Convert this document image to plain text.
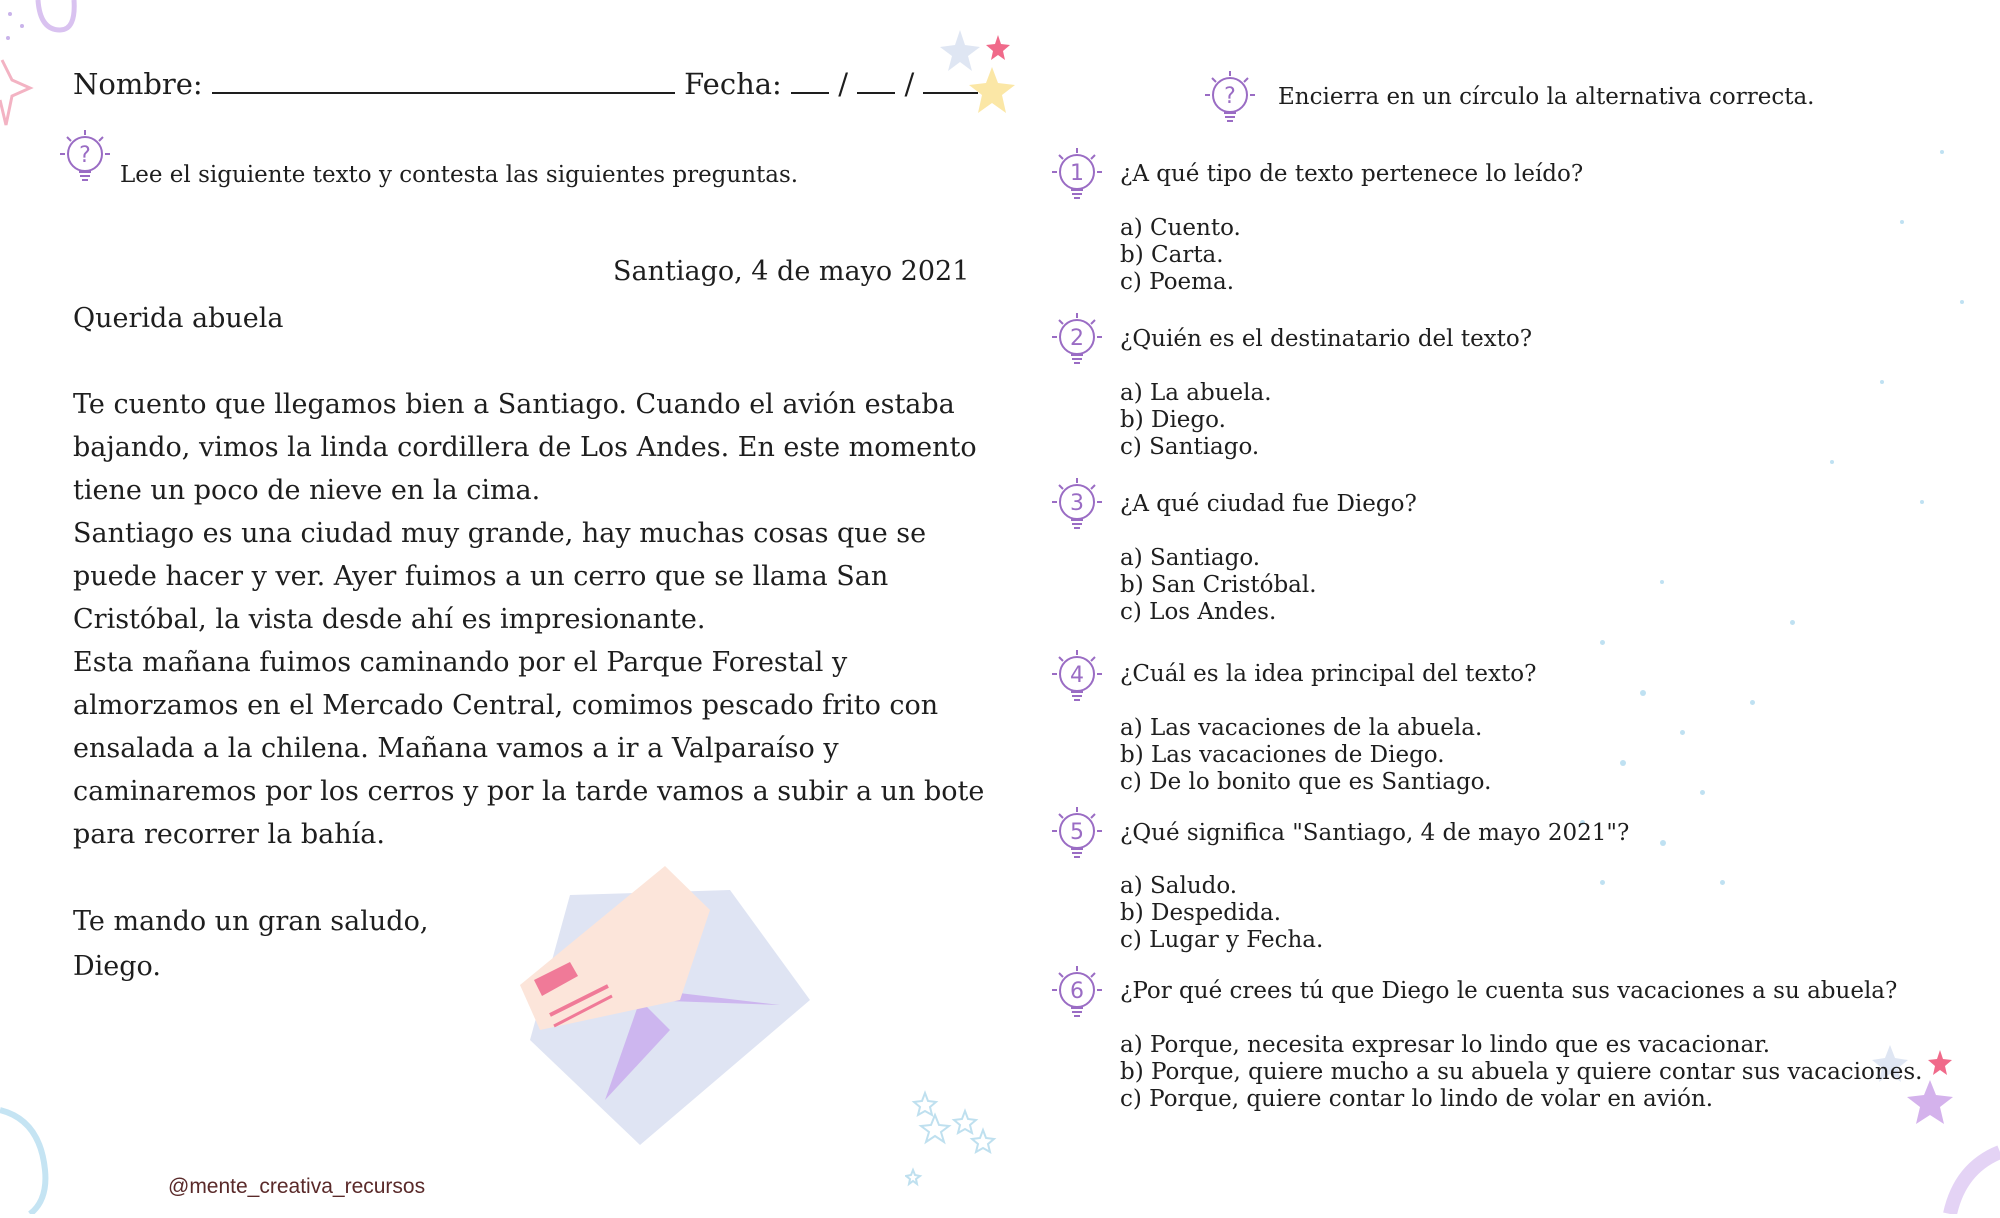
Nombre:	Fecha: / /
?
Lee el siguiente texto y contesta las siguientes preguntas.
Santiago, 4 de mayo 2021
Querida abuela

Te cuento que llegamos bien a Santiago. Cuando el avión estaba

bajando, vimos la linda cordillera de Los Andes. En este momento

tiene un poco de nieve en la cima.

Santiago es una ciudad muy grande, hay muchas cosas que se

puede hacer y ver. Ayer fuimos a un cerro que se llama San

Cristóbal, la vista desde ahí es impresionante.

Esta mañana fuimos caminando por el Parque Forestal y

almorzamos en el Mercado Central, comimos pescado frito con

ensalada a la chilena. Mañana vamos a ir a Valparaíso y

caminaremos por los cerros y por la tarde vamos a subir a un bote

para recorrer la bahía.

Te mando un gran saludo,
Diego.
@mente_creativa_recursos
? Encierra en un círculo la alternativa correcta.
1 ¿A qué tipo de texto pertenece lo leído?
a) Cuento.
b) Carta.
c) Poema.
2 ¿Quién es el destinatario del texto?
a) La abuela.
b) Diego.
c) Santiago.
3 ¿A qué ciudad fue Diego?
a) Santiago.
b) San Cristóbal.
c) Los Andes.
4 ¿Cuál es la idea principal del texto?
a) Las vacaciones de la abuela.
b) Las vacaciones de Diego.
c) De lo bonito que es Santiago.
5 ¿Qué significa "Santiago, 4 de mayo 2021"?
a) Saludo.
b) Despedida.
c) Lugar y Fecha.
6 ¿Por qué crees tú que Diego le cuenta sus vacaciones a su abuela?
a) Porque, necesita expresar lo lindo que es vacacionar.
b) Porque, quiere mucho a su abuela y quiere contar sus vacaciones.
c) Porque, quiere contar lo lindo de volar en avión.
